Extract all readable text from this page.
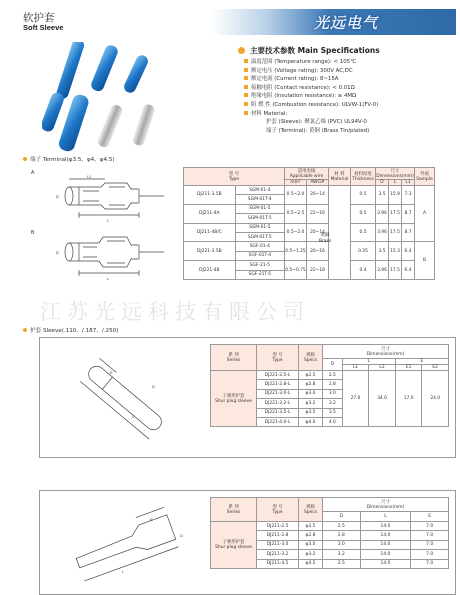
软护套
Soft Sleeve	光远电气
主要技术参数 Main Specifications
温度范围 (Temperature range): < 105℃
额定电压 (Voltage rating): 300V AC,DC
额定电流 (Current rating): 8~15A
接触电阻 (Contact resistance): < 0.01Ω
绝缘电阻 (Insulation resistance): ≥ 4MΩ
阻 燃 性 (Combustion resistance): ULVW-1(FV-0)
材料 Material:
护套 (Sleeve): 聚氯乙烯 (PVC) UL94V-0
端子 (Terminal): 黄铜 (Brass Tin/plated)
端子 Terminal(φ3.5、φ4、φ4.5)
A
B
L
L1
D
L
D
型 号
Type		适用电线
Applicable wire		材 料
Material	材料厚度
Thickness	尺寸
Dimensions(mm)			外观
Sample
		mm²	AWG#			D	L	L1	
DJ211-3.5B	SGM-01-4	0.5~2.0	20~14		0.5	3.5	15.9	7.3	A
	SGM-01T-4								
DJ211-4A	SGM-01-5	0.5~2.5	22~16		0.5	3.96	17.5	8.7	
	SGM-01T-5								
DJ211-4B/C	SGM-01-5	0.5~2.0	20~14		0.5	3.96	17.5	8.7	
	SGM-01T-5								
DJ221-3.5B	SGF-01-4	0.5~1.25	20~16		0.35	3.5	15.3	6.4	B
	SGF-01T-4								
DJ221-4B	SGF-21-5	0.5~0.75	22~18		0.4	3.96	17.5	6.4	
	SGF-21T-5								
黄铜
Brass
江苏光远科技有限公司
护套 Sleeve(.110、/.187、/.250)
L
E
D
系 列
Series	型 号
Type	规格
Specs	尺寸
Dimensions(mm)				
			D	L		E	
				L1	L2	E1	E2
子弹形护套
Shur plug sleeve	DJ221-2.5-L	φ2.5	2.5	27.0	34.0	17.0	24.0
	DJ221-2.8-L	φ2.8	2.8				
	DJ221-3.0-L	φ3.0	3.0				
	DJ221-3.2-L	φ3.2	3.2				
	DJ221-3.5-L	φ3.5	3.5				
	DJ221-4.0-L	φ4.0	4.0				
L
E
D
系 列
Series	型 号
Type	规格
Specs	尺寸
Dimensions(mm)		
			D	L	E
子弹形护套
Shur plug sleeve	DJ211-2.5	φ2.5	2.5	14.0	7.0
	DJ211-2.8	φ2.8	2.8	14.0	7.0
	DJ211-3.0	φ3.0	3.0	14.0	7.0
	DJ211-3.2	φ3.2	3.2	14.0	7.0
	DJ211-4.5	φ4.5	3.5	14.0	7.0
